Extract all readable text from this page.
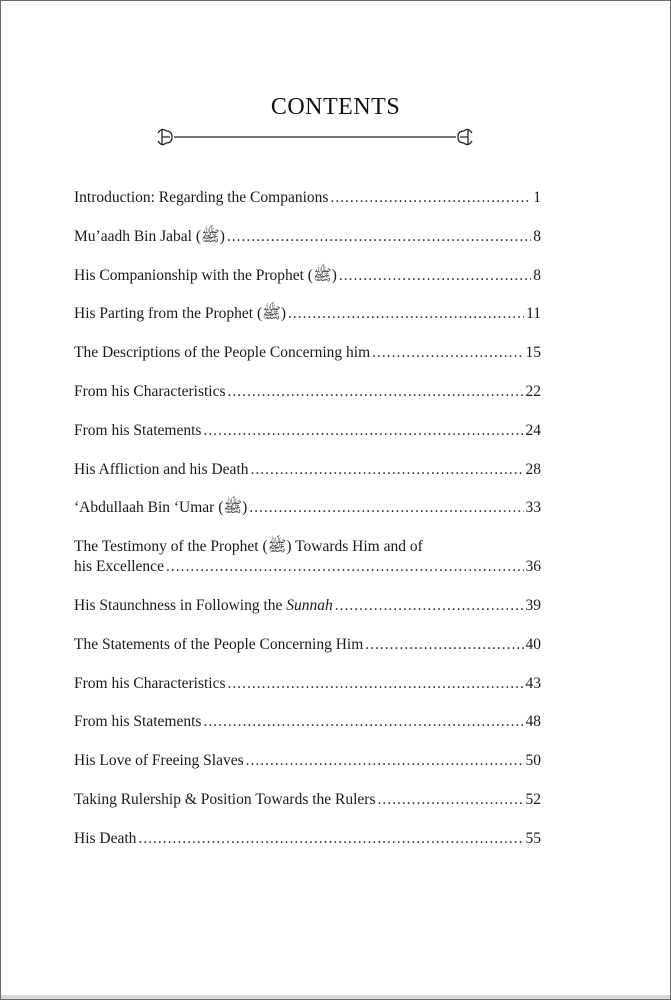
CONTENTS
Introduction: Regarding the Companions .....	1
Mu’aadh Bin Jabal (ﷺ) .....	8
His Companionship with the Prophet (ﷺ) .....	8
His Parting from the Prophet (ﷺ) .....	11
The Descriptions of the People Concerning him .....	15
From his Characteristics .....	22
From his Statements .....	24
His Affliction and his Death .....	28
‘Abdullaah Bin ‘Umar (ﷺ) .....	33
The Testimony of the Prophet (ﷺ) Towards Him and of
his Excellence .....	36
His Staunchness in Following the Sunnah .....	39
The Statements of the People Concerning Him .....	40
From his Characteristics .....	43
From his Statements .....	48
His Love of Freeing Slaves .....	50
Taking Rulership & Position Towards the Rulers .....	52
His Death .....	55
